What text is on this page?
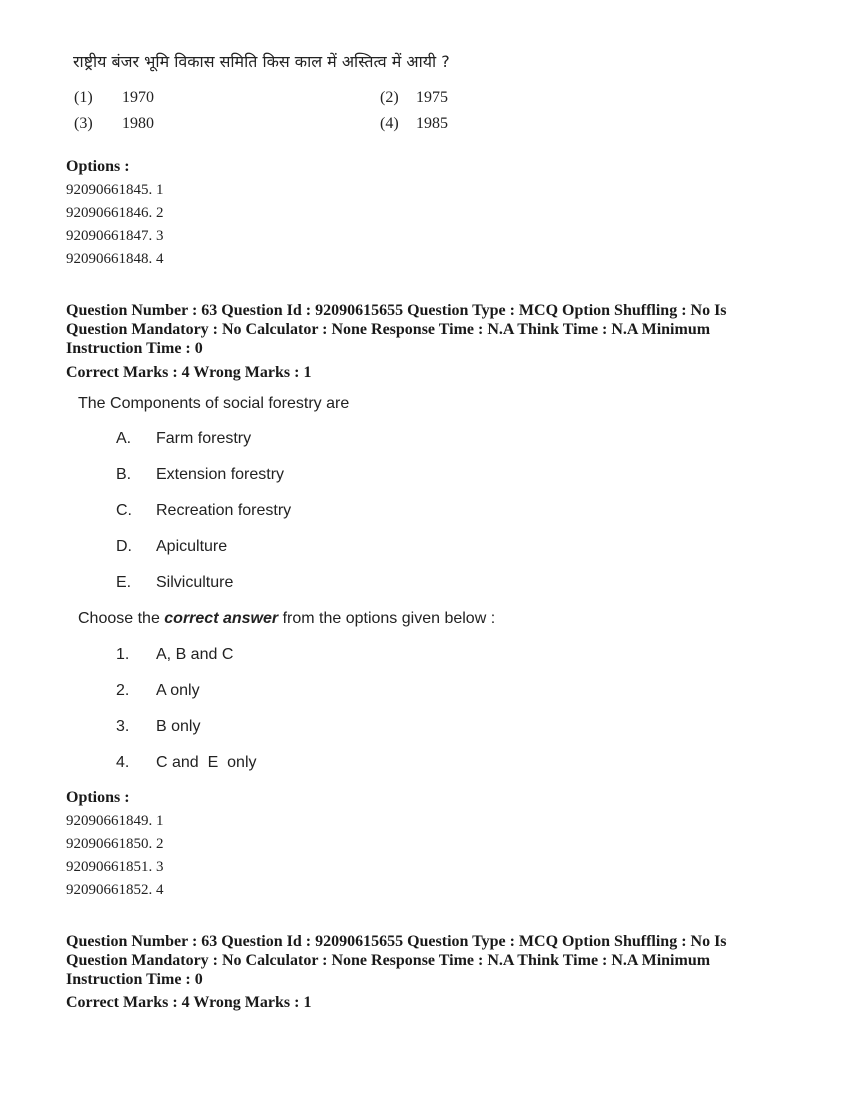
राष्ट्रीय बंजर भूमि विकास समिति किस काल में अस्तित्व में आयी ?
(1) 1970	(2) 1975
(3) 1980	(4) 1985
Options :
92090661845. 1
92090661846. 2
92090661847. 3
92090661848. 4
Question Number : 63 Question Id : 92090615655 Question Type : MCQ Option Shuffling : No Is
Question Mandatory : No Calculator : None Response Time : N.A Think Time : N.A Minimum
Instruction Time : 0
Correct Marks : 4 Wrong Marks : 1
The Components of social forestry are
A. Farm forestry
B. Extension forestry
C. Recreation forestry
D. Apiculture
E. Silviculture
Choose the correct answer from the options given below :
1. A, B and C
2. A only
3. B only
4. C and  E  only
Options :
92090661849. 1
92090661850. 2
92090661851. 3
92090661852. 4
Question Number : 63 Question Id : 92090615655 Question Type : MCQ Option Shuffling : No Is
Question Mandatory : No Calculator : None Response Time : N.A Think Time : N.A Minimum
Instruction Time : 0
Correct Marks : 4 Wrong Marks : 1
